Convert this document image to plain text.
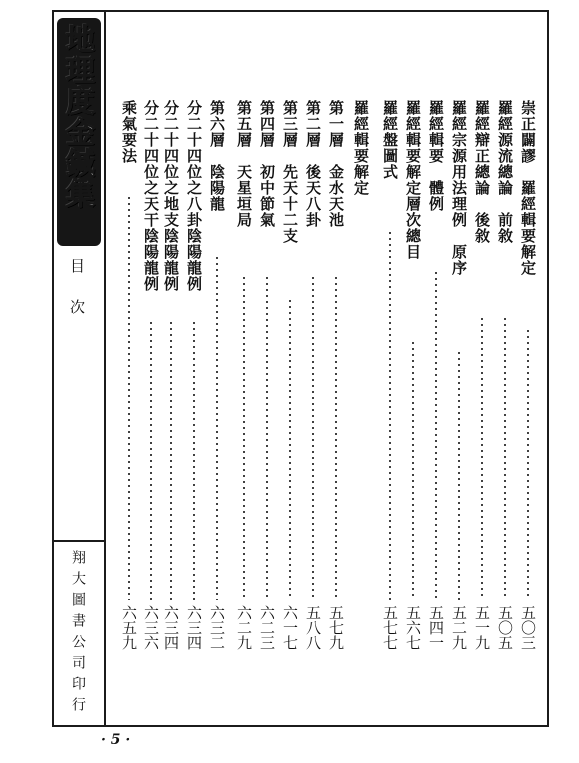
地理度金鍼集
目次
翔大圖書公司印行
崇正闢謬　羅經輯要解定
五〇三
羅經源流總論　前敘
五〇五
羅經辯正總論　後敘
五一九
羅經宗源用法理例　原序
五二九
羅經輯要　體例
五四一
羅經輯要解定層次總目
五六七
羅經盤圖式
五七七
羅經輯要解定
第一層　金水天池
五七九
第二層　後天八卦
五八八
第三層　先天十二支
六一七
第四層　初中節氣
六二三
第五層　天星垣局
六二九
第六層　陰陽龍
六三二
分二十四位之八卦陰陽龍例
六三四
分二十四位之地支陰陽龍例
六三四
分二十四位之天干陰陽龍例
六三六
乘氣要法
六五九
· 5 ·
